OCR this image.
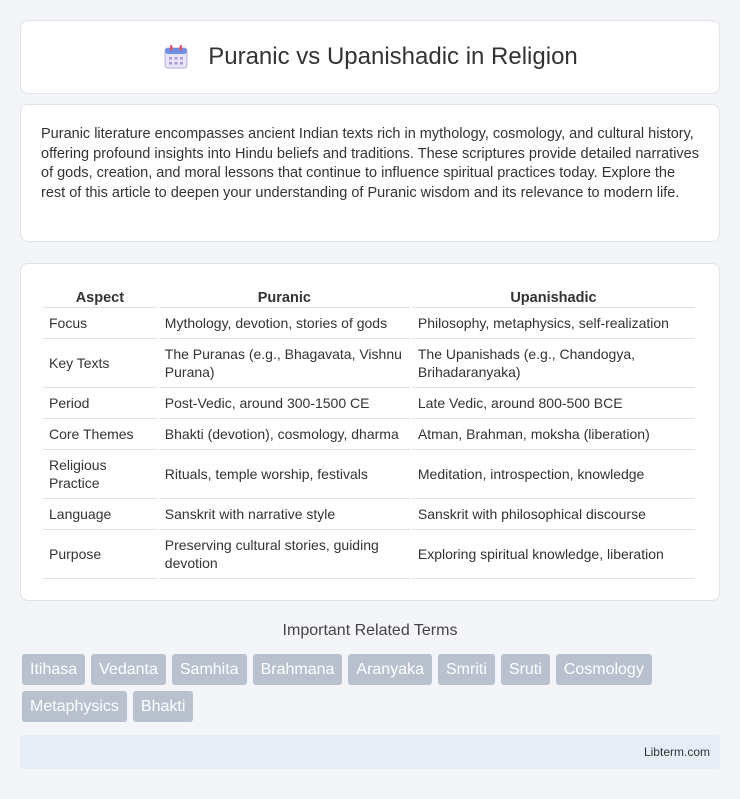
Puranic vs Upanishadic in Religion

Puranic literature encompasses ancient Indian texts rich in mythology, cosmology, and cultural history, offering profound insights into Hindu beliefs and traditions. These scriptures provide detailed narratives of gods, creation, and moral lessons that continue to influence spiritual practices today. Explore the rest of this article to deepen your understanding of Puranic wisdom and its relevance to modern life.

Aspect	Puranic	Upanishadic
Focus	Mythology, devotion, stories of gods	Philosophy, metaphysics, self-realization
Key Texts	The Puranas (e.g., Bhagavata, Vishnu Purana)	The Upanishads (e.g., Chandogya, Brihadaranyaka)
Period	Post-Vedic, around 300-1500 CE	Late Vedic, around 800-500 BCE
Core Themes	Bhakti (devotion), cosmology, dharma	Atman, Brahman, moksha (liberation)
Religious Practice	Rituals, temple worship, festivals	Meditation, introspection, knowledge
Language	Sanskrit with narrative style	Sanskrit with philosophical discourse
Purpose	Preserving cultural stories, guiding devotion	Exploring spiritual knowledge, liberation
Important Related Terms
Itihasa	Vedanta	Samhita	Brahmana	Aranyaka	Smriti	Sruti	Cosmology
Metaphysics	Bhakti
Libterm.com
